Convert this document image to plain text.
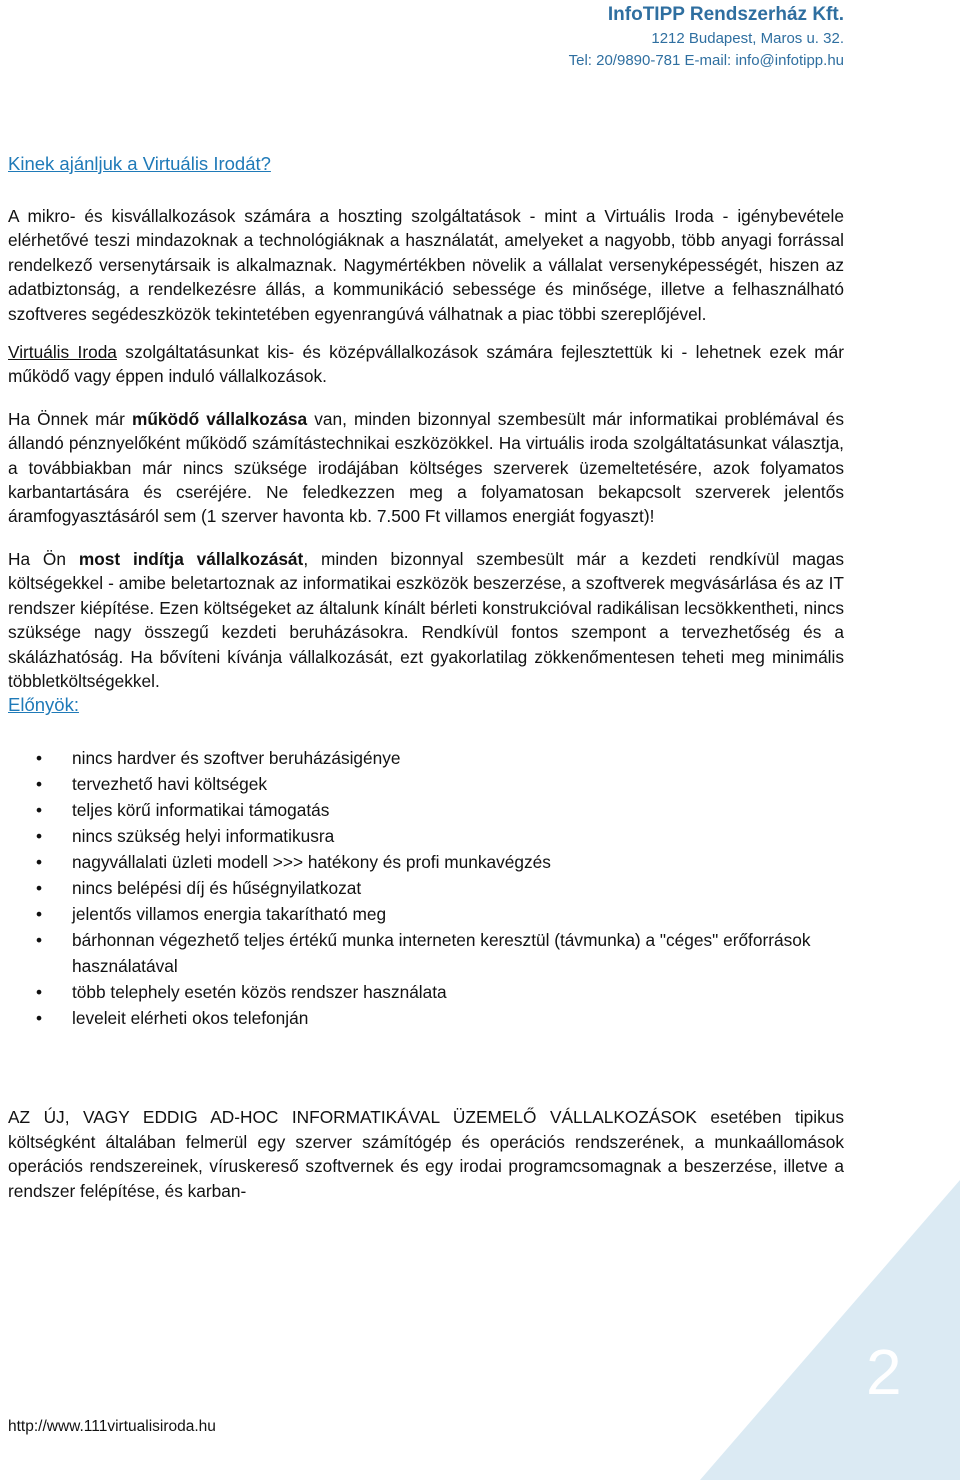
2
InfoTIPP Rendszerház Kft.
1212 Budapest, Maros u. 32.
Tel: 20/9890-781 E-mail: info@infotipp.hu

Kinek ajánljuk a Virtuális Irodát?

A mikro- és kisvállalkozások számára a hoszting szolgáltatások - mint a Virtuális Iroda - igénybevétele elérhetővé teszi mindazoknak a technológiáknak a használatát, amelyeket a nagyobb, több anyagi forrással rendelkező versenytársaik is alkalmaznak. Nagymértékben növelik a vállalat versenyképességét, hiszen az adatbiztonság, a rendelkezésre állás, a kommunikáció sebessége és minősége, illetve a felhasználható szoftveres segédeszközök tekintetében egyenrangúvá válhatnak a piac többi szereplőjével.

Virtuális Iroda szolgáltatásunkat kis- és középvállalkozások számára fejlesztettük ki - lehetnek ezek már működő vagy éppen induló vállalkozások.

Ha Önnek már működő vállalkozása van, minden bizonnyal szembesült már informatikai problémával és állandó pénznyelőként működő számítástechnikai eszközökkel. Ha virtuális iroda szolgáltatásunkat választja, a továbbiakban már nincs szüksége irodájában költséges szerverek üzemeltetésére, azok folyamatos karbantartására és cseréjére. Ne feledkezzen meg a folyamatosan bekapcsolt szerverek jelentős áramfogyasztásáról sem (1 szerver havonta kb. 7.500 Ft villamos energiát fogyaszt)!

Ha Ön most indítja vállalkozását, minden bizonnyal szembesült már a kezdeti rendkívül magas költségekkel - amibe beletartoznak az informatikai eszközök beszerzése, a szoftverek megvásárlása és az IT rendszer kiépítése. Ezen költségeket az általunk kínált bérleti konstrukcióval radikálisan lecsökkentheti, nincs szüksége nagy összegű kezdeti beruházásokra. Rendkívül fontos szempont a tervezhetőség és a skálázhatóság. Ha bővíteni kívánja vállalkozását, ezt gyakorlatilag zökkenőmentesen teheti meg minimális többletköltségekkel.

Előnyök:

• nincs hardver és szoftver beruházásigénye
• tervezhető havi költségek
• teljes körű informatikai támogatás
• nincs szükség helyi informatikusra
• nagyvállalati üzleti modell >>> hatékony és profi munkavégzés
• nincs belépési díj és hűségnyilatkozat
• jelentős villamos energia takarítható meg
• bárhonnan végezhető teljes értékű munka interneten keresztül (távmunka) a "céges" erőforrások használatával
• több telephely esetén közös rendszer használata
• leveleit elérheti okos telefonján

AZ ÚJ, VAGY EDDIG AD-HOC INFORMATIKÁVAL ÜZEMELŐ VÁLLALKOZÁSOK esetében tipikus költségként általában felmerül egy szerver számítógép és operációs rendszerének, a munkaállomások operációs rendszereinek, víruskereső szoftvernek és egy irodai programcsomagnak a beszerzése, illetve a rendszer felépítése, és karban-

http://www.111virtualisiroda.hu
